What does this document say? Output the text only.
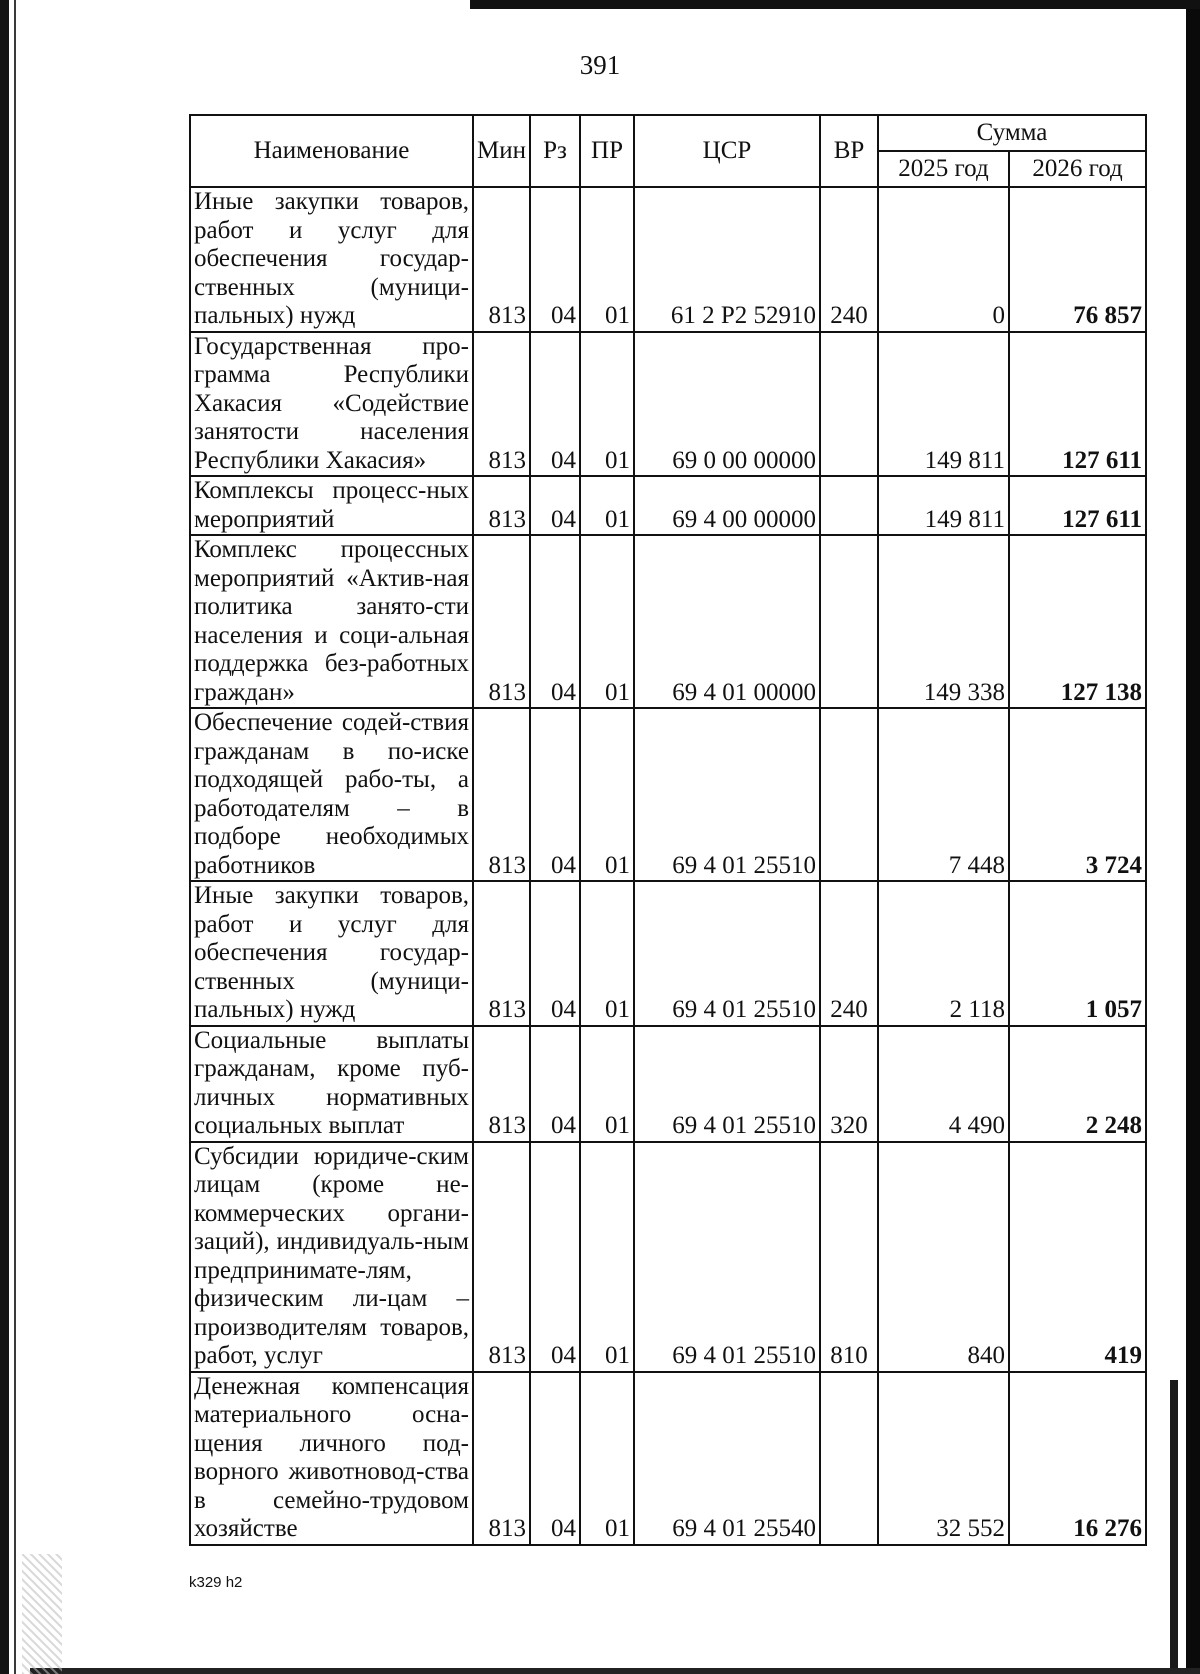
391
Наименование	Мин	Рз	ПР	ЦСР	ВР	Сумма	
						2025 год	2026 год
Иные закупки товаров, работ и услуг для обеспечения государ-ственных (муници-пальных) нужд	813	04	01	61 2 Р2 52910	240	0	76 857
Государственная про-грамма Республики Хакасия «Содействие занятости населения Республики Хакасия»	813	04	01	69 0 00 00000		149 811	127 611
Комплексы процесс-ных мероприятий	813	04	01	69 4 00 00000		149 811	127 611
Комплекс процессных мероприятий «Актив-ная политика занято-сти населения и соци-альная поддержка без-работных граждан»	813	04	01	69 4 01 00000		149 338	127 138
Обеспечение содей-ствия гражданам в по-иске подходящей рабо-ты, а работодателям – в подборе необходимых работников	813	04	01	69 4 01 25510		7 448	3 724
Иные закупки товаров, работ и услуг для обеспечения государ-ственных (муници-пальных) нужд	813	04	01	69 4 01 25510	240	2 118	1 057
Социальные выплаты гражданам, кроме пуб-личных нормативных социальных выплат	813	04	01	69 4 01 25510	320	4 490	2 248
Субсидии юридиче-ским лицам (кроме не-коммерческих органи-заций), индивидуаль-ным предпринимате-лям, физическим ли-цам – производителям товаров, работ, услуг	813	04	01	69 4 01 25510	810	840	419
Денежная компенсация материального осна-щения личного под-ворного животновод-ства в семейно-трудовом хозяйстве	813	04	01	69 4 01 25540		32 552	16 276
k329 h2
